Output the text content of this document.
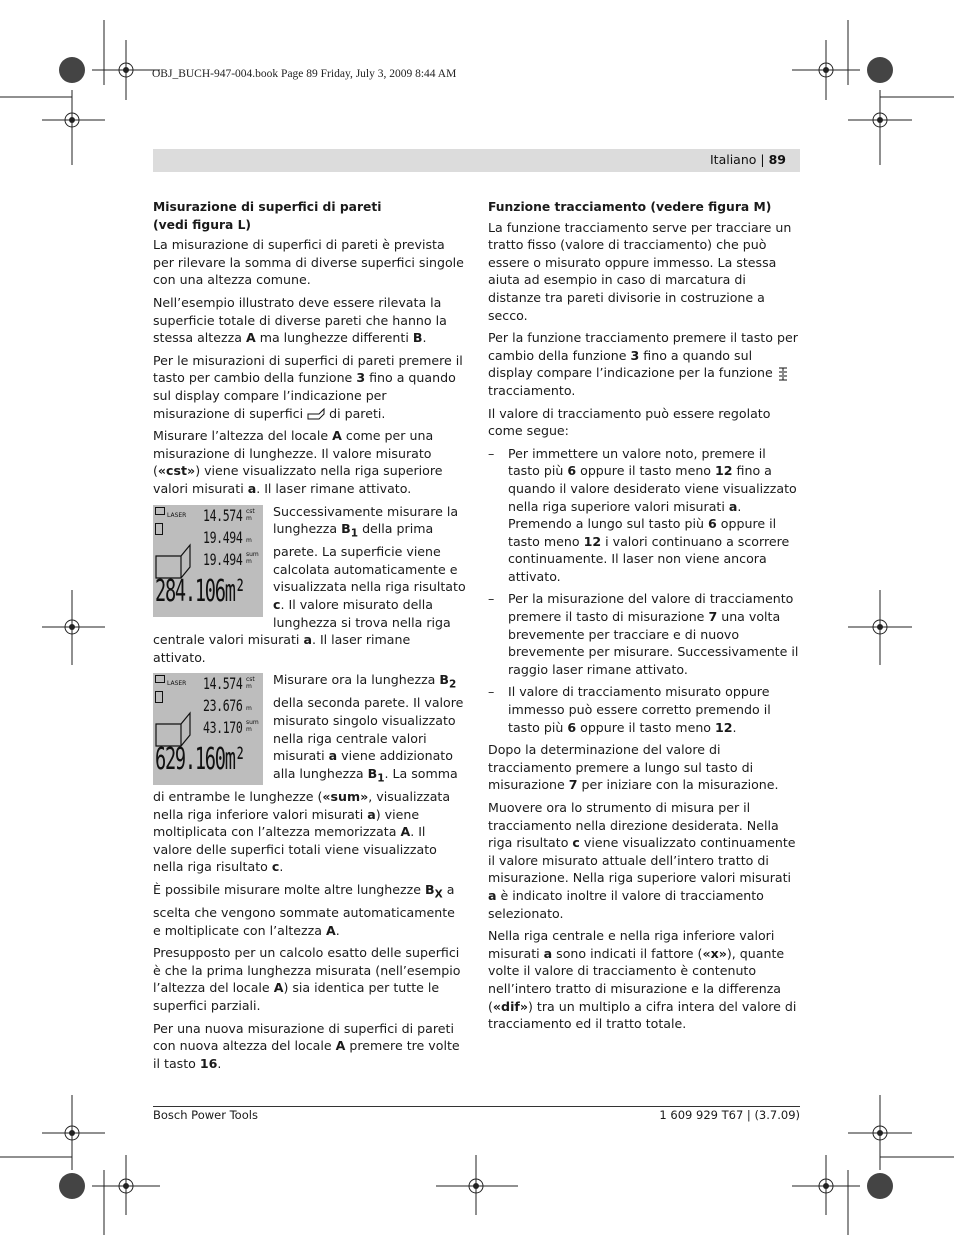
OBJ_BUCH-947-004.book Page 89 Friday, July 3, 2009 8:44 AM
Italiano | 89
Misurazione di superfici di pareti
(vedi figura L)

La misurazione di superfici di pareti è prevista per rilevare la somma di diverse superfici singole con una altezza comune.

Nell’esempio illustrato deve essere rilevata la superficie totale di diverse pareti che hanno la stessa altezza A ma lunghezze differenti B.

Per le misurazioni di superfici di pareti premere il tasto per cambio della funzione 3 fino a quando sul display compare l’indicazione per misurazione di superfici  di pareti.

Misurare l’altezza del locale A come per una misurazione di lunghezze. Il valore misurato («cst») viene visualizzato nella riga superiore valori misurati a. Il laser rimane attivato.

LASER 14.574 cst
m
19.494 m
19.494 sum
m
284.106m²

Successivamente misurare la lunghezza $B_1$ della prima parete. La superficie viene calcolata automaticamente e visualizzata nella riga risultato c. Il valore misurato della lunghezza si trova nella riga centrale valori misurati a. Il laser rimane attivato.

LASER 14.574 cst
m
23.676 m
43.170 sum
m
629.160m²

Misurare ora la lunghezza $B_2$ della seconda parete. Il valore misurato singolo visualizzato nella riga centrale valori misurati a viene addizionato alla lunghezza $B_1$. La somma di entrambe le lunghezze («sum», visualizzata nella riga inferiore valori misurati a) viene moltiplicata con l’altezza memorizzata A. Il valore delle superfici totali viene visualizzato nella riga risultato c.

È possibile misurare molte altre lunghezze $B_X$ a scelta che vengono sommate automaticamente e moltiplicate con l’altezza A.

Presupposto per un calcolo esatto delle superfici è che la prima lunghezza misurata (nell’esempio l’altezza del locale A) sia identica per tutte le superfici parziali.

Per una nuova misurazione di superfici di pareti con nuova altezza del locale A premere tre volte il tasto 16.

Funzione tracciamento (vedere figura M)

La funzione tracciamento serve per tracciare un tratto fisso (valore di tracciamento) che può essere o misurato oppure immesso. La stessa aiuta ad esempio in caso di marcatura di distanze tra pareti divisorie in costruzione a secco.

Per la funzione tracciamento premere il tasto per cambio della funzione 3 fino a quando sul display compare l’indicazione per la funzione  tracciamento.

Il valore di tracciamento può essere regolato come segue:

– Per immettere un valore noto, premere il tasto più 6 oppure il tasto meno 12 fino a quando il valore desiderato viene visualizzato nella riga superiore valori misurati a. Premendo a lungo sul tasto più 6 oppure il tasto meno 12 i valori continuano a scorrere continuamente. Il laser non viene ancora attivato.
– Per la misurazione del valore di tracciamento premere il tasto di misurazione 7 una volta brevemente per tracciare e di nuovo brevemente per misurare. Successivamente il raggio laser rimane attivato.
– Il valore di tracciamento misurato oppure immesso può essere corretto premendo il tasto più 6 oppure il tasto meno 12.

Dopo la determinazione del valore di tracciamento premere a lungo sul tasto di misurazione 7 per iniziare con la misurazione.

Muovere ora lo strumento di misura per il tracciamento nella direzione desiderata. Nella riga risultato c viene visualizzato continuamente il valore misurato attuale dell’intero tratto di misurazione. Nella riga superiore valori misurati a è indicato inoltre il valore di tracciamento selezionato.

Nella riga centrale e nella riga inferiore valori misurati a sono indicati il fattore («x»), quante volte il valore di tracciamento è contenuto nell’intero tratto di misurazione e la differenza («dif») tra un multiplo a cifra intera del valore di tracciamento ed il tratto totale.

Bosch Power Tools	1 609 929 T67 | (3.7.09)
